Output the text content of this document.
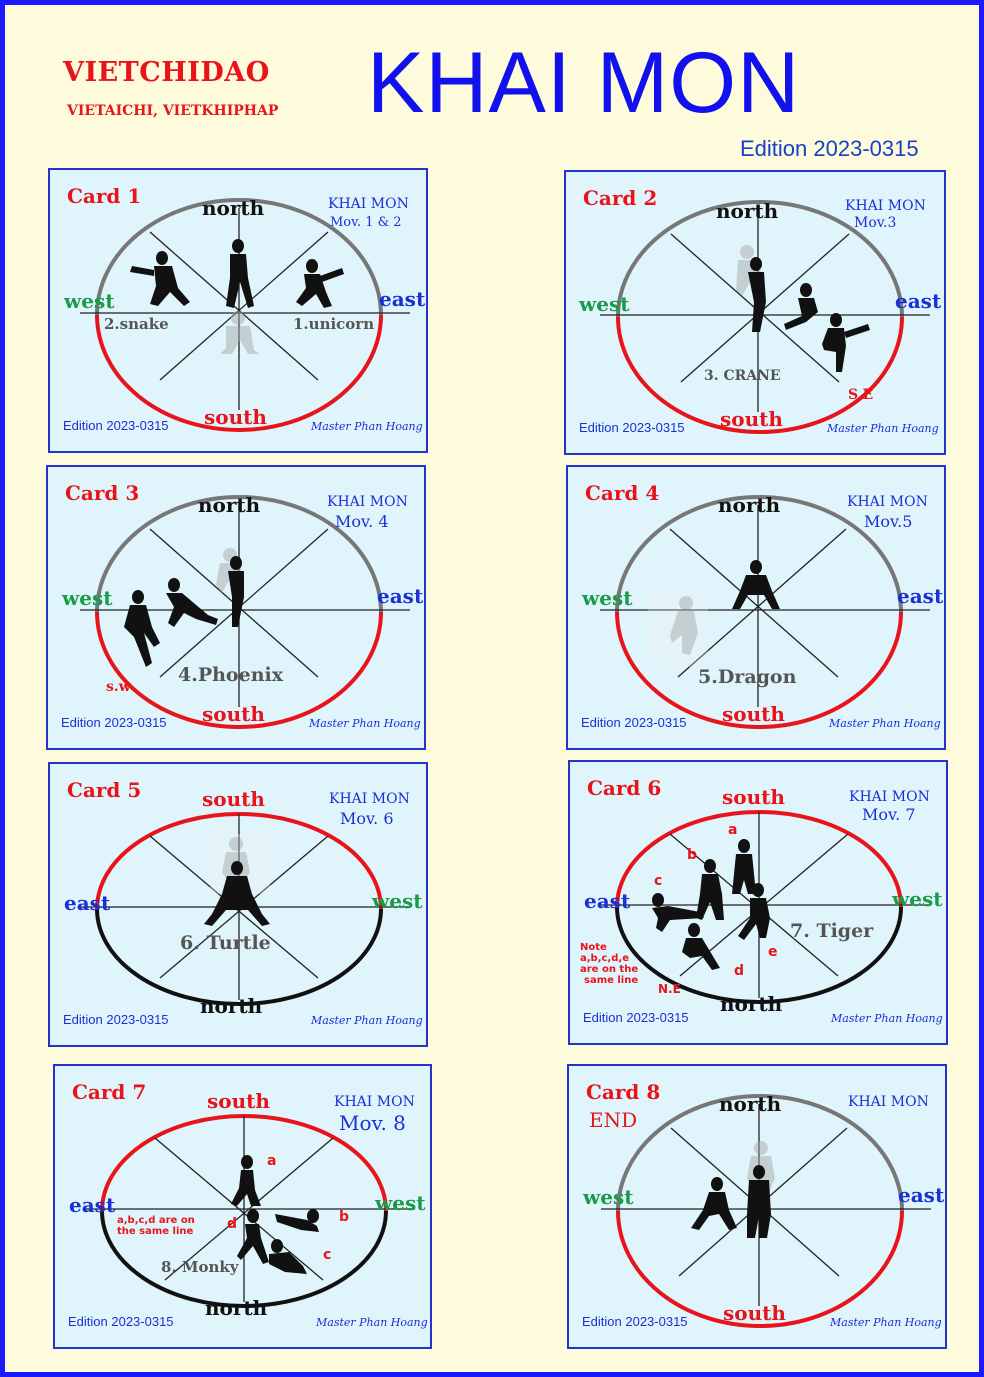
VIETCHIDAO
VIETAICHI, VIETKHIPHAP KHAI MON
Edition 2023-0315
Card 1	north
west	east
south
KHAI MON
Mov. 1 & 2
2.snake	1.unicorn
Edition 2023-0315	Master Phan Hoang
Card 2
north
west	east
south
KHAI MON
Mov.3
3. CRANE
S.E
Edition 2023-0315	Master Phan Hoang
Card 3	north
west	east
south
KHAI MON
Mov. 4
4.Phoenix
s.w
Edition 2023-0315	Master Phan Hoang
Card 4	north
west	east
south
KHAI MON
Mov.5
5.Dragon
Edition 2023-0315	Master Phan Hoang
Card 5	south
east	west
north
KHAI MON
Mov. 6
6. Turtle
Edition 2023-0315	Master Phan Hoang
Card 6	south
east	west
north
KHAI MON
Mov. 7
7. Tiger
Note
a,b,c,d,e
are on the
same line
N.E
a
b
c
d
e
Edition 2023-0315	Master Phan Hoang
Card 7	south
east	west
north
KHAI MON
Mov. 8
8, Monky
a,b,c,d are on
the same line
a
b
c
d
Edition 2023-0315	Master Phan Hoang
Card 8
END
north
west	east
south
KHAI MON
Edition 2023-0315	Master Phan Hoang
